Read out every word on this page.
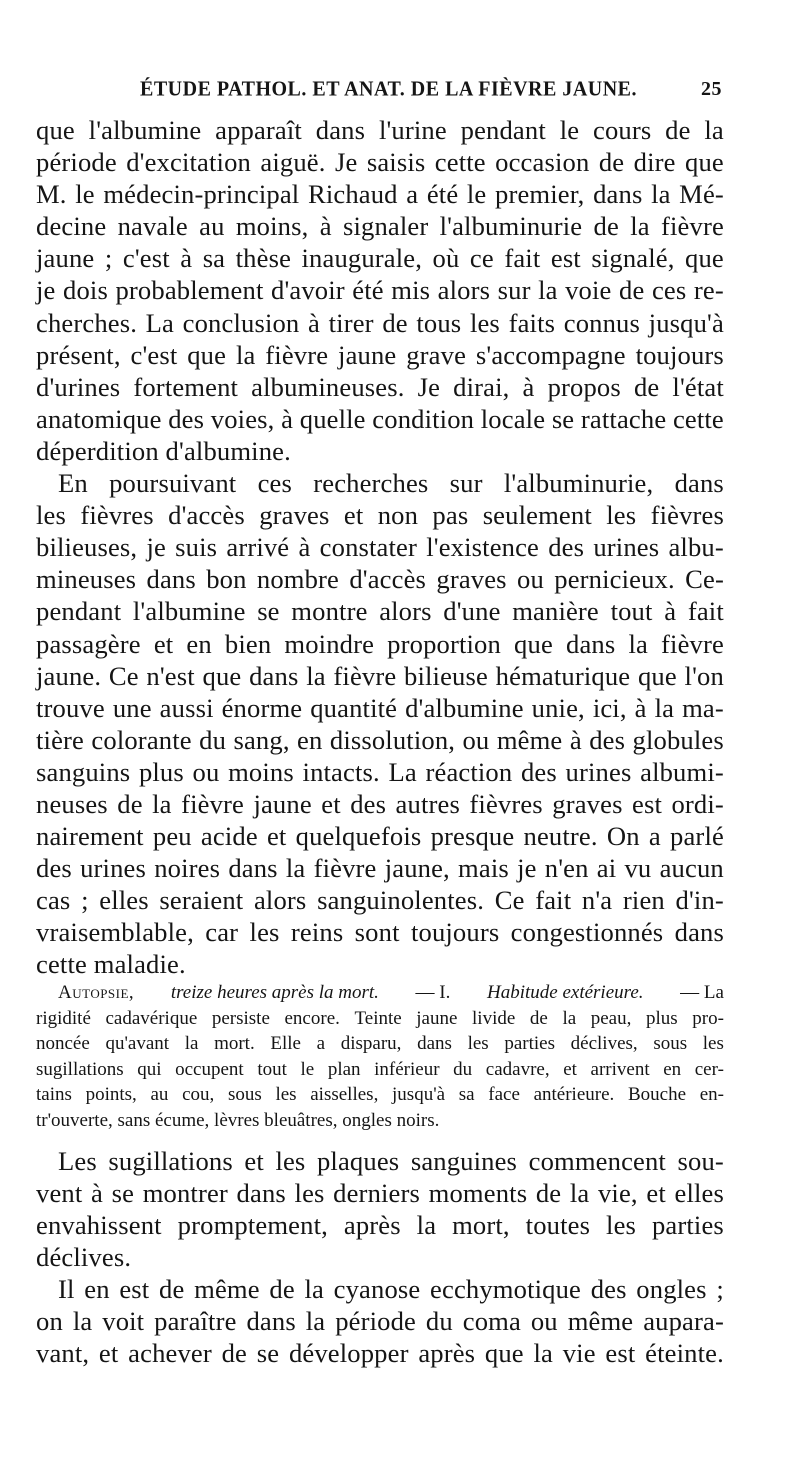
ÉTUDE PATHOL. ET ANAT. DE LA FIÈVRE JAUNE.	25
que l'albumine apparaît dans l'urine pendant le cours de la
période d'excitation aiguë. Je saisis cette occasion de dire que
M. le médecin-principal Richaud a été le premier, dans la Mé-
decine navale au moins, à signaler l'albuminurie de la fièvre
jaune ; c'est à sa thèse inaugurale, où ce fait est signalé, que
je dois probablement d'avoir été mis alors sur la voie de ces re-
cherches. La conclusion à tirer de tous les faits connus jusqu'à
présent, c'est que la fièvre jaune grave s'accompagne toujours
d'urines fortement albumineuses. Je dirai, à propos de l'état
anatomique des voies, à quelle condition locale se rattache cette
déperdition d'albumine.
En poursuivant ces recherches sur l'albuminurie, dans
les fièvres d'accès graves et non pas seulement les fièvres
bilieuses, je suis arrivé à constater l'existence des urines albu-
mineuses dans bon nombre d'accès graves ou pernicieux. Ce-
pendant l'albumine se montre alors d'une manière tout à fait
passagère et en bien moindre proportion que dans la fièvre
jaune. Ce n'est que dans la fièvre bilieuse hématurique que l'on
trouve une aussi énorme quantité d'albumine unie, ici, à la ma-
tière colorante du sang, en dissolution, ou même à des globules
sanguins plus ou moins intacts. La réaction des urines albumi-
neuses de la fièvre jaune et des autres fièvres graves est ordi-
nairement peu acide et quelquefois presque neutre. On a parlé
des urines noires dans la fièvre jaune, mais je n'en ai vu aucun
cas ; elles seraient alors sanguinolentes. Ce fait n'a rien d'in-
vraisemblable, car les reins sont toujours congestionnés dans
cette maladie.
Autopsie, treize heures après la mort. — I. Habitude extérieure. — La
rigidité cadavérique persiste encore. Teinte jaune livide de la peau, plus pro-
noncée qu'avant la mort. Elle a disparu, dans les parties déclives, sous les
sugillations qui occupent tout le plan inférieur du cadavre, et arrivent en cer-
tains points, au cou, sous les aisselles, jusqu'à sa face antérieure. Bouche en-
tr'ouverte, sans écume, lèvres bleuâtres, ongles noirs.
Les sugillations et les plaques sanguines commencent sou-
vent à se montrer dans les derniers moments de la vie, et elles
envahissent promptement, après la mort, toutes les parties
déclives.
Il en est de même de la cyanose ecchymotique des ongles ;
on la voit paraître dans la période du coma ou même aupara-
vant, et achever de se développer après que la vie est éteinte.
